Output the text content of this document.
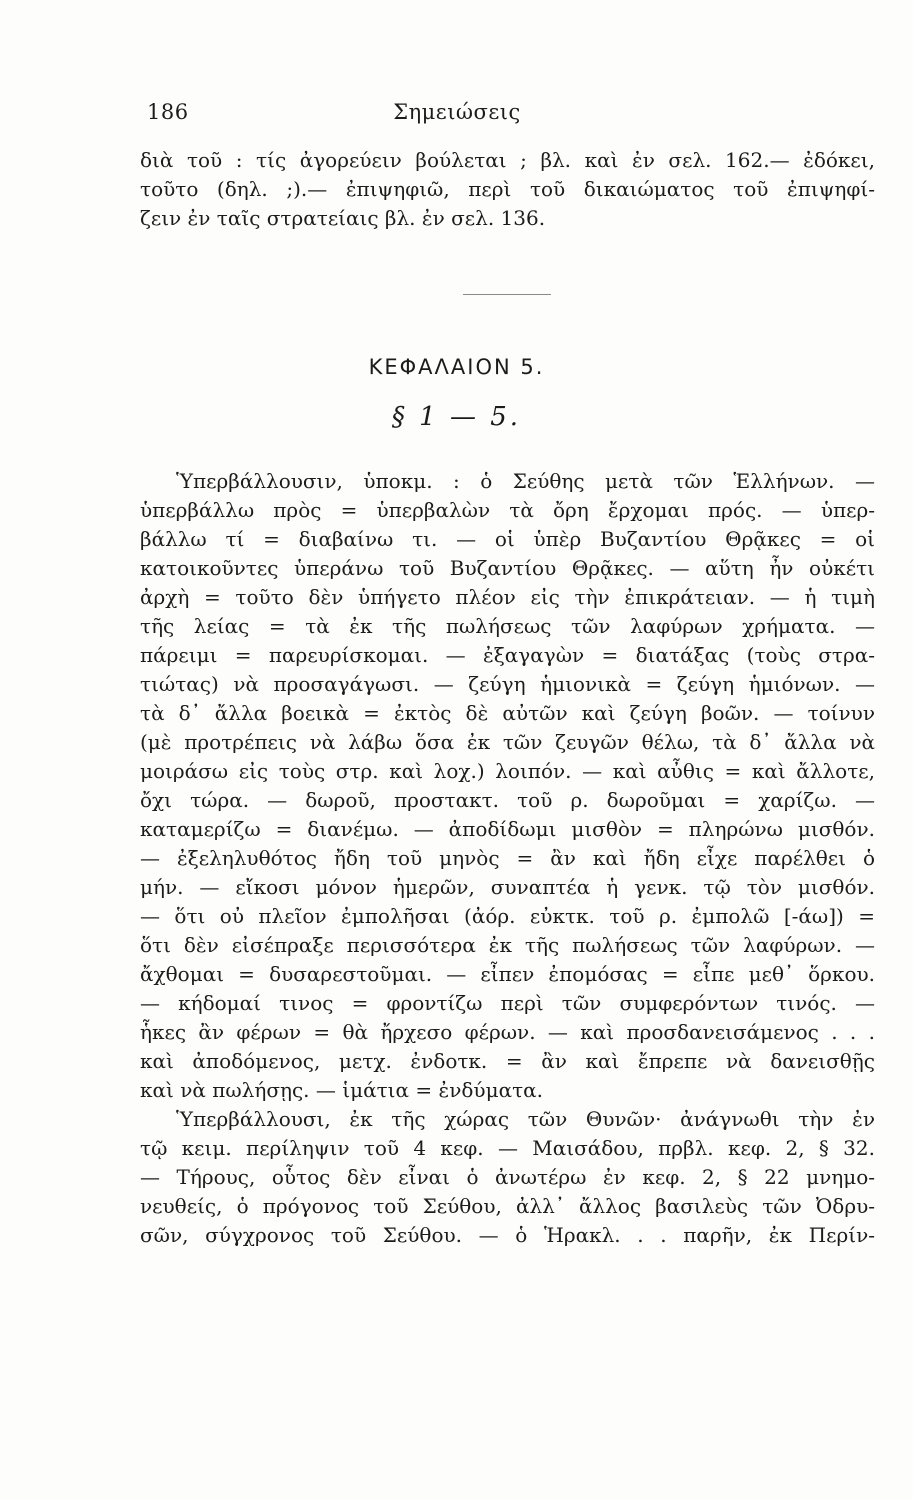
186	Σημειώσεις
διὰ τοῦ : τίς ἀγορεύειν βούλεται ; βλ. καὶ ἐν σελ. 162.— ἐδόκει,
τοῦτο (δηλ. ;).— ἐπιψηφιῶ, περὶ τοῦ δικαιώματος τοῦ ἐπιψηφί-
ζειν ἐν ταῖς στρατείαις βλ. ἐν σελ. 136.
ΚΕΦΑΛΑΙΟΝ 5.
§ 1 — 5.
Ὑπερβάλλουσιν, ὑποκμ. : ὁ Σεύθης μετὰ τῶν Ἑλλήνων. —
ὑπερβάλλω πρὸς = ὑπερβαλὼν τὰ ὄρη ἔρχομαι πρός. — ὑπερ-
βάλλω τί = διαβαίνω τι. — οἱ ὑπὲρ Βυζαντίου Θρᾷκες = οἱ
κατοικοῦντες ὑπεράνω τοῦ Βυζαντίου Θρᾷκες. — αὕτη ἦν οὐκέτι
ἀρχὴ = τοῦτο δὲν ὑπήγετο πλέον εἰς τὴν ἐπικράτειαν. — ἡ τιμὴ
τῆς λείας = τὰ ἐκ τῆς πωλήσεως τῶν λαφύρων χρήματα. —
πάρειμι = παρευρίσκομαι. — ἐξαγαγὼν = διατάξας (τοὺς στρα-
τιώτας) νὰ προσαγάγωσι. — ζεύγη ἡμιονικὰ = ζεύγη ἡμιόνων. —
τὰ δ᾽ ἄλλα βοεικὰ = ἐκτὸς δὲ αὐτῶν καὶ ζεύγη βοῶν. — τοίνυν
(μὲ προτρέπεις νὰ λάβω ὅσα ἐκ τῶν ζευγῶν θέλω, τὰ δ᾽ ἄλλα νὰ
μοιράσω εἰς τοὺς στρ. καὶ λοχ.) λοιπόν. — καὶ αὖθις = καὶ ἄλλοτε,
ὄχι τώρα. — δωροῦ, προστακτ. τοῦ ρ. δωροῦμαι = χαρίζω. —
καταμερίζω = διανέμω. — ἀποδίδωμι μισθὸν = πληρώνω μισθόν.
— ἐξεληλυθότος ἤδη τοῦ μηνὸς = ἂν καὶ ἤδη εἶχε παρέλθει ὁ
μήν. — εἴκοσι μόνον ἡμερῶν, συναπτέα ἡ γενκ. τῷ τὸν μισθόν.
— ὅτι οὐ πλεῖον ἐμπολῆσαι (ἀόρ. εὐκτκ. τοῦ ρ. ἐμπολῶ [-άω]) =
ὅτι δὲν εἰσέπραξε περισσότερα ἐκ τῆς πωλήσεως τῶν λαφύρων. —
ἄχθομαι = δυσαρεστοῦμαι. — εἶπεν ἐπομόσας = εἶπε μεθ᾽ ὅρκου.
— κήδομαί τινος = φροντίζω περὶ τῶν συμφερόντων τινός. —
ἧκες ἂν φέρων = θὰ ἤρχεσο φέρων. — καὶ προσδανεισάμενος . . .
καὶ ἀποδόμενος, μετχ. ἐνδοτκ. = ἂν καὶ ἔπρεπε νὰ δανεισθῇς
καὶ νὰ πωλήσῃς. — ἱμάτια = ἐνδύματα.
Ὑπερβάλλουσι, ἐκ τῆς χώρας τῶν Θυνῶν· ἀνάγνωθι τὴν ἐν
τῷ κειμ. περίληψιν τοῦ 4 κεφ. — Μαισάδου, πρβλ. κεφ. 2, § 32.
— Τήρους, οὗτος δὲν εἶναι ὁ ἀνωτέρω ἐν κεφ. 2, § 22 μνημο-
νευθείς, ὁ πρόγονος τοῦ Σεύθου, ἀλλ᾽ ἄλλος βασιλεὺς τῶν Ὀδρυ-
σῶν, σύγχρονος τοῦ Σεύθου. — ὁ Ἡρακλ. . . παρῆν, ἐκ Περίν-
